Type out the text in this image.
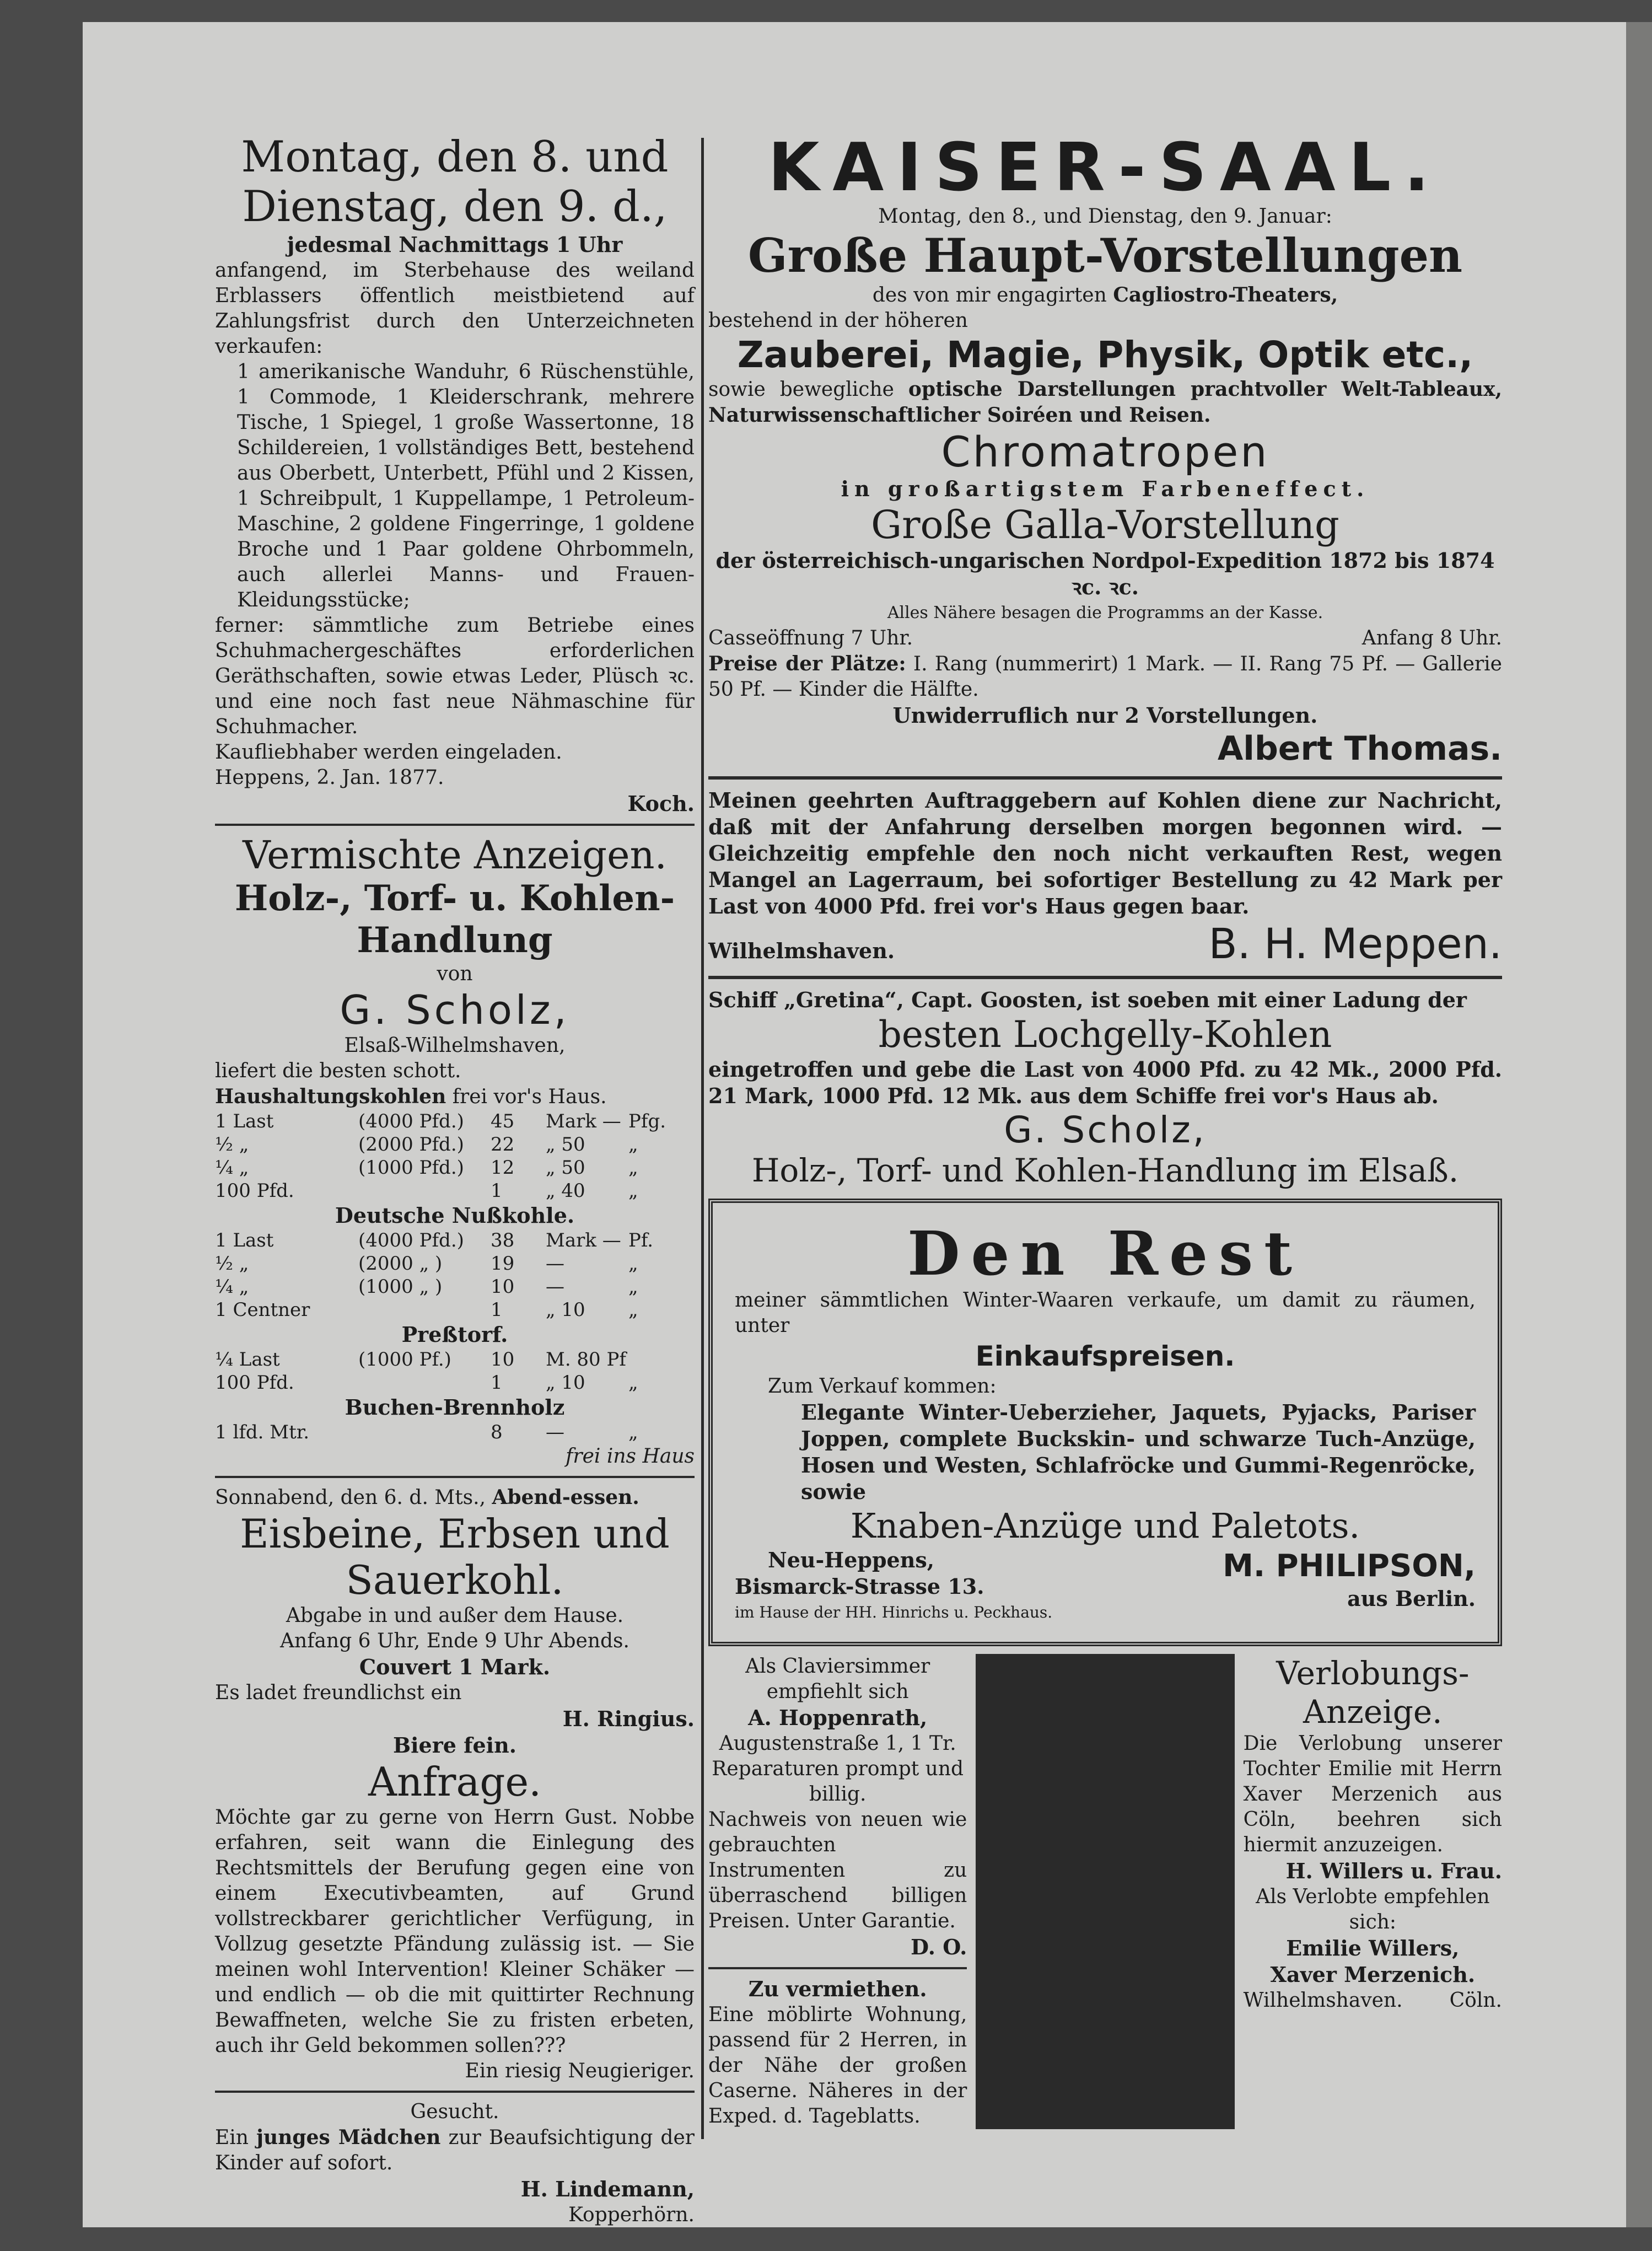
Montag, den 8. und

Dienstag, den 9. d.,

jedesmal Nachmittags 1 Uhr

anfangend, im Sterbehause des weiland Erblassers öffentlich meistbietend auf Zahlungsfrist durch den Unterzeichneten verkaufen:

1 amerikanische Wanduhr, 6 Rüschenstühle, 1 Commode, 1 Kleiderschrank, mehrere Tische, 1 Spiegel, 1 große Wassertonne, 18 Schildereien, 1 vollständiges Bett, bestehend aus Oberbett, Unterbett, Pfühl und 2 Kissen, 1 Schreibpult, 1 Kuppellampe, 1 Petroleum-Maschine, 2 goldene Fingerringe, 1 goldene Broche und 1 Paar goldene Ohrbommeln, auch allerlei Manns- und Frauen-Kleidungsstücke;

ferner: sämmtliche zum Betriebe eines Schuhmachergeschäftes erforderlichen Geräthschaften, sowie etwas Leder, Plüsch ꝛc. und eine noch fast neue Nähmaschine für Schuhmacher.

Kaufliebhaber werden eingeladen.

Heppens, 2. Jan. 1877.

Koch.

Vermischte Anzeigen.

Holz-, Torf- u. Kohlen-Handlung

von

G. Scholz,

Elsaß-Wilhelmshaven,

liefert die besten schott. Haushaltungskohlen frei vor's Haus.

1 Last	(4000 Pfd.)	45	Mark — Pfg.
½ „	(2000 Pfd.)	22	„ 50	„
¼ „	(1000 Pfd.)	12	„ 50	„
100 Pfd.	1	„ 40	„

Deutsche Nußkohle.

1 Last	(4000 Pfd.)	38	Mark — Pf.
½ „	(2000 „ )	19	—	„
¼ „	(1000 „ )	10	—	„
1 Centner	1	„ 10	„

Preßtorf.

¼ Last	(1000 Pf.)	10	M. 80 Pf
100 Pfd.	1	„ 10	„

Buchen-Brennholz

1 lfd. Mtr.	8	—	„

frei ins Haus

Sonnabend, den 6. d. Mts., Abend-essen.

Eisbeine, Erbsen und Sauerkohl.

Abgabe in und außer dem Hause.

Anfang 6 Uhr, Ende 9 Uhr Abends.

Couvert 1 Mark.

Es ladet freundlichst ein

H. Ringius.

Biere fein.

Anfrage.

Möchte gar zu gerne von Herrn Gust. Nobbe erfahren, seit wann die Einlegung des Rechtsmittels der Berufung gegen eine von einem Executivbeamten, auf Grund vollstreckbarer gerichtlicher Verfügung, in Vollzug gesetzte Pfändung zulässig ist. — Sie meinen wohl Intervention! Kleiner Schäker — und endlich — ob die mit quittirter Rechnung Bewaffneten, welche Sie zu fristen erbeten, auch ihr Geld bekommen sollen???

Ein riesig Neugieriger.

Gesucht.

Ein junges Mädchen zur Beaufsichtigung der Kinder auf sofort.

H. Lindemann,

Kopperhörn.

KAISER-SAAL.

Montag, den 8., und Dienstag, den 9. Januar:

Große Haupt-Vorstellungen

des von mir engagirten Cagliostro-Theaters,

bestehend in der höheren

Zauberei, Magie, Physik, Optik etc.,

sowie bewegliche optische Darstellungen prachtvoller Welt-Tableaux, Naturwissenschaftlicher Soiréen und Reisen.

Chromatropen

in großartigstem Farbeneffect.

Große Galla-Vorstellung

der österreichisch-ungarischen Nordpol-Expedition 1872 bis 1874 ꝛc. ꝛc.

Alles Nähere besagen die Programms an der Kasse.

Casseöffnung 7 Uhr.	Anfang 8 Uhr.

Preise der Plätze: I. Rang (nummerirt) 1 Mark. — II. Rang 75 Pf. — Gallerie 50 Pf. — Kinder die Hälfte.

Unwiderruflich nur 2 Vorstellungen.

Albert Thomas.

Meinen geehrten Auftraggebern auf Kohlen diene zur Nachricht, daß mit der Anfahrung derselben morgen begonnen wird. — Gleichzeitig empfehle den noch nicht verkauften Rest, wegen Mangel an Lagerraum, bei sofortiger Bestellung zu 42 Mark per Last von 4000 Pfd. frei vor's Haus gegen baar.

Wilhelmshaven.	B. H. Meppen.

Schiff „Gretina“, Capt. Goosten, ist soeben mit einer Ladung der

besten Lochgelly-Kohlen

eingetroffen und gebe die Last von 4000 Pfd. zu 42 Mk., 2000 Pfd. 21 Mark, 1000 Pfd. 12 Mk. aus dem Schiffe frei vor's Haus ab.

G. Scholz,

Holz-, Torf- und Kohlen-Handlung im Elsaß.

Den Rest

meiner sämmtlichen Winter-Waaren verkaufe, um damit zu räumen, unter

Einkaufspreisen.

Zum Verkauf kommen:

Elegante Winter-Ueberzieher, Jaquets, Pyjacks, Pariser Joppen, complete Buckskin- und schwarze Tuch-Anzüge, Hosen und Westen, Schlafröcke und Gummi-Regenröcke, sowie

Knaben-Anzüge und Paletots.

Neu-Heppens,

Bismarck-Strasse 13.

im Hause der HH. Hinrichs u. Peckhaus.

M. PHILIPSON,

aus Berlin.

Als Claviersimmer empfiehlt sich

A. Hoppenrath,

Augustenstraße 1, 1 Tr.

Reparaturen prompt und billig.

Nachweis von neuen wie gebrauchten Instrumenten zu überraschend billigen Preisen. Unter Garantie.

D. O.

Zu vermiethen.

Eine möblirte Wohnung, passend für 2 Herren, in der Nähe der großen Caserne. Näheres in der Exped. d. Tageblatts.

Verlobungs-Anzeige.

Die Verlobung unserer Tochter Emilie mit Herrn Xaver Merzenich aus Cöln, beehren sich hiermit anzuzeigen.

H. Willers u. Frau.

Als Verlobte empfehlen sich:

Emilie Willers,

Xaver Merzenich.

Wilhelmshaven. Cöln.
